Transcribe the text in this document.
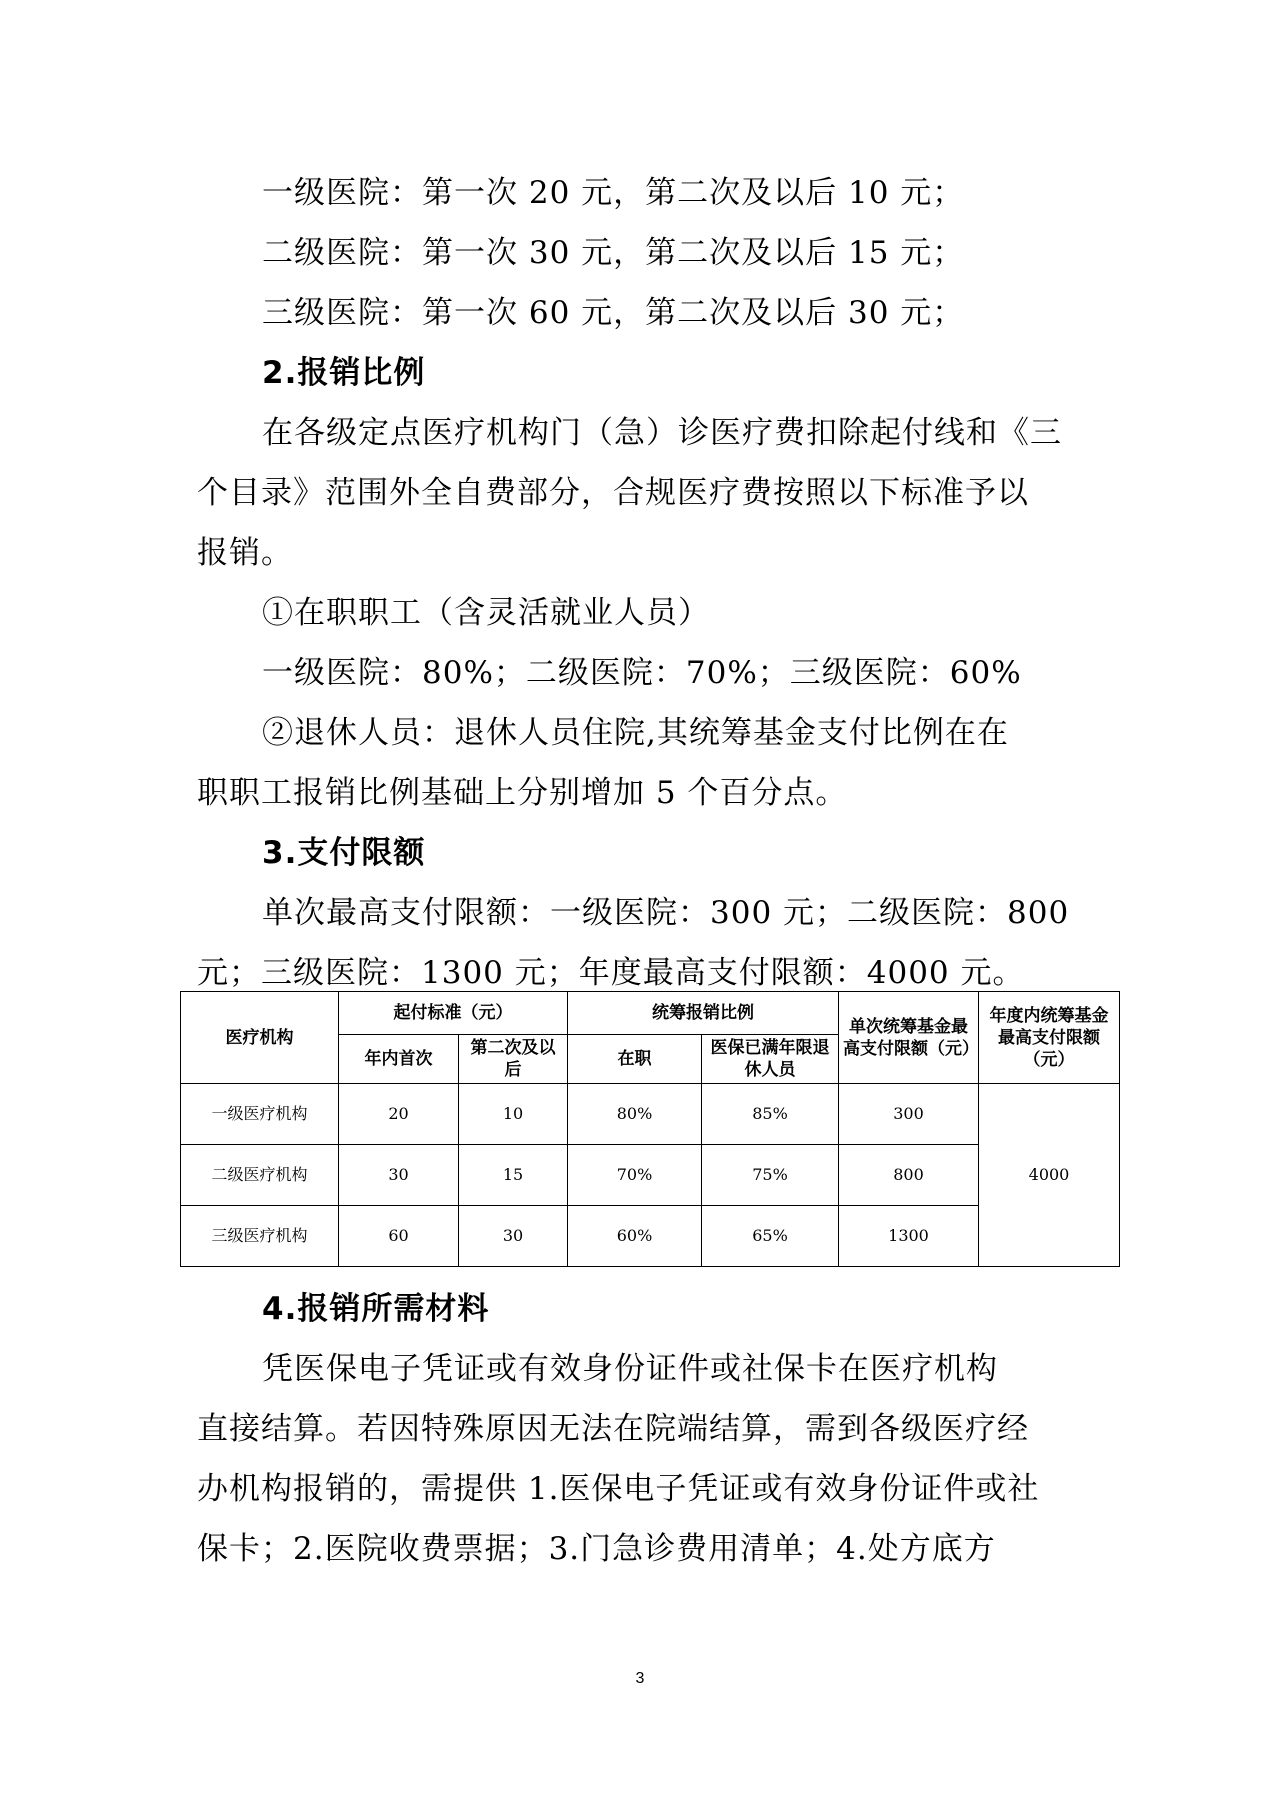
一级医院：第一次 20 元，第二次及以后 10 元；
二级医院：第一次 30 元，第二次及以后 15 元；
三级医院：第一次 60 元，第二次及以后 30 元；
2.报销比例
在各级定点医疗机构门（急）诊医疗费扣除起付线和《三
个目录》范围外全自费部分，合规医疗费按照以下标准予以
报销。
①在职职工（含灵活就业人员）
一级医院：80%；二级医院：70%；三级医院：60%
②退休人员：退休人员住院,其统筹基金支付比例在在
职职工报销比例基础上分别增加 5 个百分点。
3.支付限额
单次最高支付限额：一级医院：300 元；二级医院：800
元；三级医院：1300 元；年度最高支付限额：4000 元。
医疗机构	起付标准（元）		统筹报销比例		单次统筹基金最高支付限额（元）	年度内统筹基金最高支付限额（元）
	年内首次	第二次及以后	在职	医保已满年限退休人员		
一级医疗机构	20	10	80%	85%	300	4000
二级医疗机构	30	15	70%	75%	800	
三级医疗机构	60	30	60%	65%	1300	
4.报销所需材料
凭医保电子凭证或有效身份证件或社保卡在医疗机构
直接结算。若因特殊原因无法在院端结算，需到各级医疗经
办机构报销的，需提供 1.医保电子凭证或有效身份证件或社
保卡；2.医院收费票据；3.门急诊费用清单；4.处方底方
3
